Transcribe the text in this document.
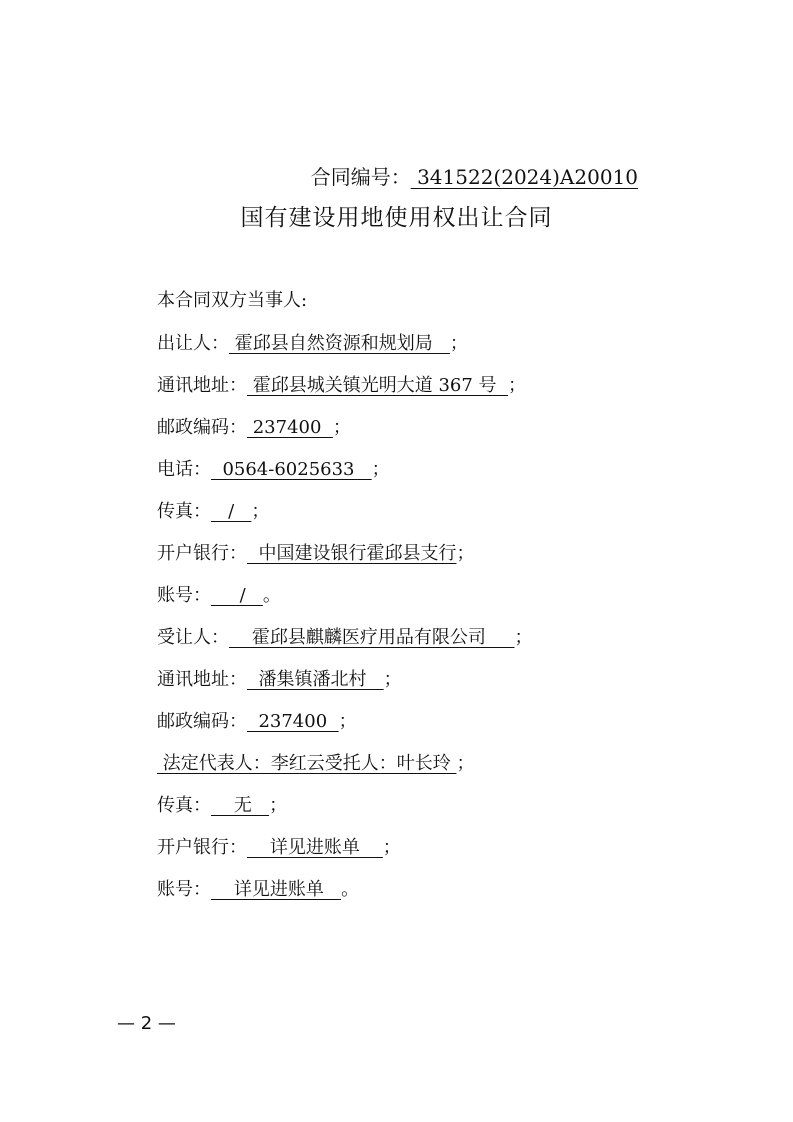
合同编号： 341522(2024)A20010
国有建设用地使用权出让合同
本合同双方当事人:
出让人： 霍邱县自然资源和规划局   ；
通讯地址： 霍邱县城关镇光明大道 367 号  ；
邮政编码： 237400  ；
电话：  0564-6025633   ；
传真：   /   ；
开户银行：  中国建设银行霍邱县支行；
账号：     /   。
受让人：    霍邱县麒麟医疗用品有限公司     ；
通讯地址：  潘集镇潘北村   ；
邮政编码：  237400  ；
法定代表人：李红云受托人：叶长玲 ；
传真：    无   ；
开户银行：    详见进账单    ；
账号：    详见进账单   。
— 2 —
